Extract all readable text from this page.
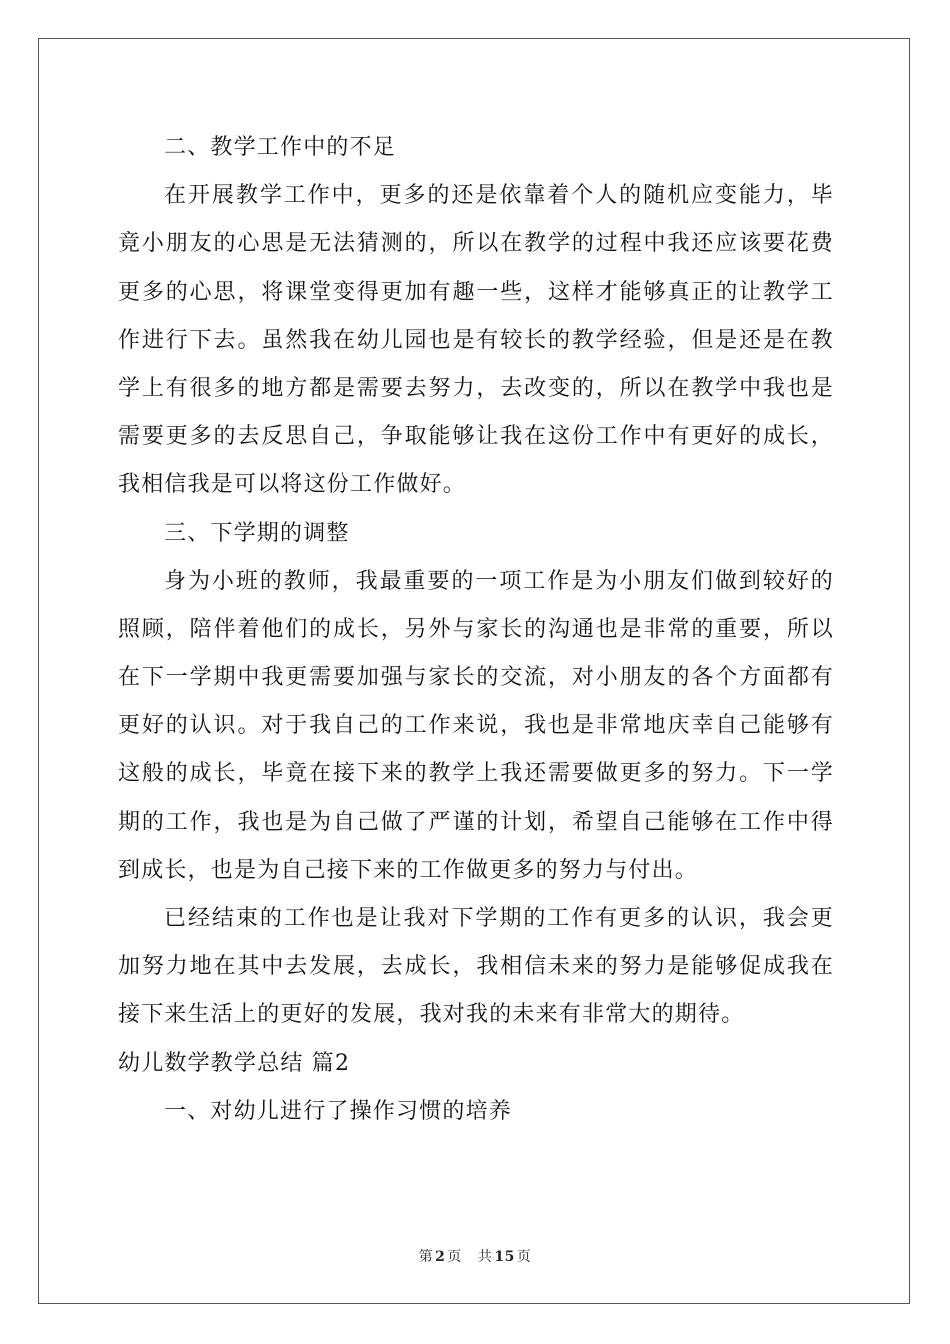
二、教学工作中的不足
在开展教学工作中，更多的还是依靠着个人的随机应变能力，毕
竟小朋友的心思是无法猜测的，所以在教学的过程中我还应该要花费
更多的心思，将课堂变得更加有趣一些，这样才能够真正的让教学工
作进行下去。虽然我在幼儿园也是有较长的教学经验，但是还是在教
学上有很多的地方都是需要去努力，去改变的，所以在教学中我也是
需要更多的去反思自己，争取能够让我在这份工作中有更好的成长，
我相信我是可以将这份工作做好。
三、下学期的调整
身为小班的教师，我最重要的一项工作是为小朋友们做到较好的
照顾，陪伴着他们的成长，另外与家长的沟通也是非常的重要，所以
在下一学期中我更需要加强与家长的交流，对小朋友的各个方面都有
更好的认识。对于我自己的工作来说，我也是非常地庆幸自己能够有
这般的成长，毕竟在接下来的教学上我还需要做更多的努力。下一学
期的工作，我也是为自己做了严谨的计划，希望自己能够在工作中得
到成长，也是为自己接下来的工作做更多的努力与付出。
已经结束的工作也是让我对下学期的工作有更多的认识，我会更
加努力地在其中去发展，去成长，我相信未来的努力是能够促成我在
接下来生活上的更好的发展，我对我的未来有非常大的期待。
幼儿数学教学总结 篇2
一、对幼儿进行了操作习惯的培养
第 2 页 共 15 页
